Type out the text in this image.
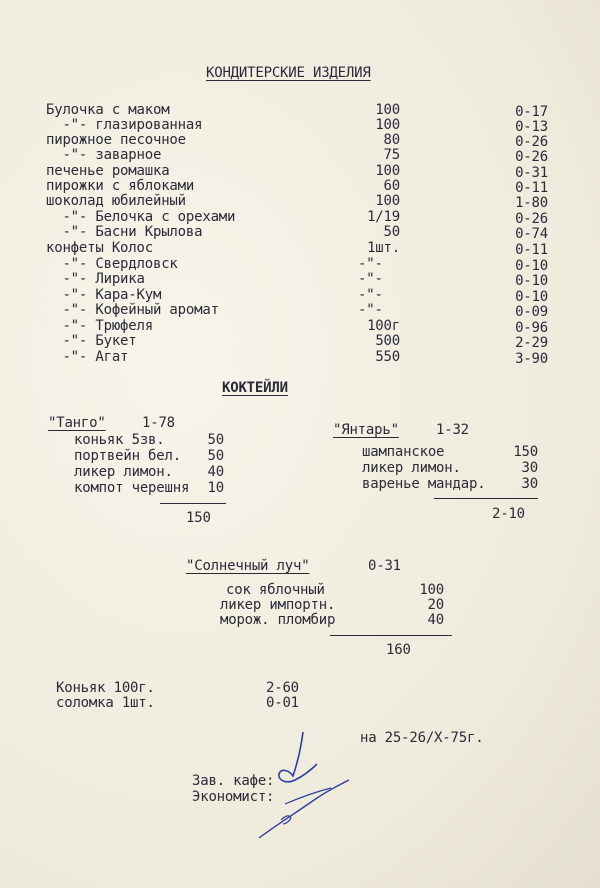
КОНДИТЕРСКИЕ ИЗДЕЛИЯ
Булочка с маком	100	0-17
-"- глазированная	100	0-13
пирожное песочное	80	0-26
-"- заварное	75	0-26
печенье ромашка	100	0-31
пирожки с яблоками	60	0-11
шоколад юбилейный	100	1-80
-"- Белочка с орехами	1/19	0-26
-"- Басни Крылова	50	0-74
конфеты Колос	1шт.	0-11
-"- Свердловск	-"-	0-10
-"- Лирика	-"-	0-10
-"- Кара-Кум	-"-	0-10
-"- Кофейный аромат	-"-	0-09
-"- Трюфеля	100г	0-96
-"- Букет	500	2-29
-"- Агат	550	3-90
КОКТЕЙЛИ
"Танго"	1-78
коньяк 5зв.	50
портвейн бел.	50
ликер лимон.	40
компот черешня	10
150
"Янтарь"	1-32
шампанское	150
ликер лимон.	30
варенье мандар.	30
2-10
"Солнечный луч"	0-31
сок яблочный	100
ликер импортн.	20
морож. пломбир	40
160
Коньяк 100г.	2-60
соломка 1шт.	0-01
на 25-26/Х-75г.
Зав. кафе:
Экономист:
